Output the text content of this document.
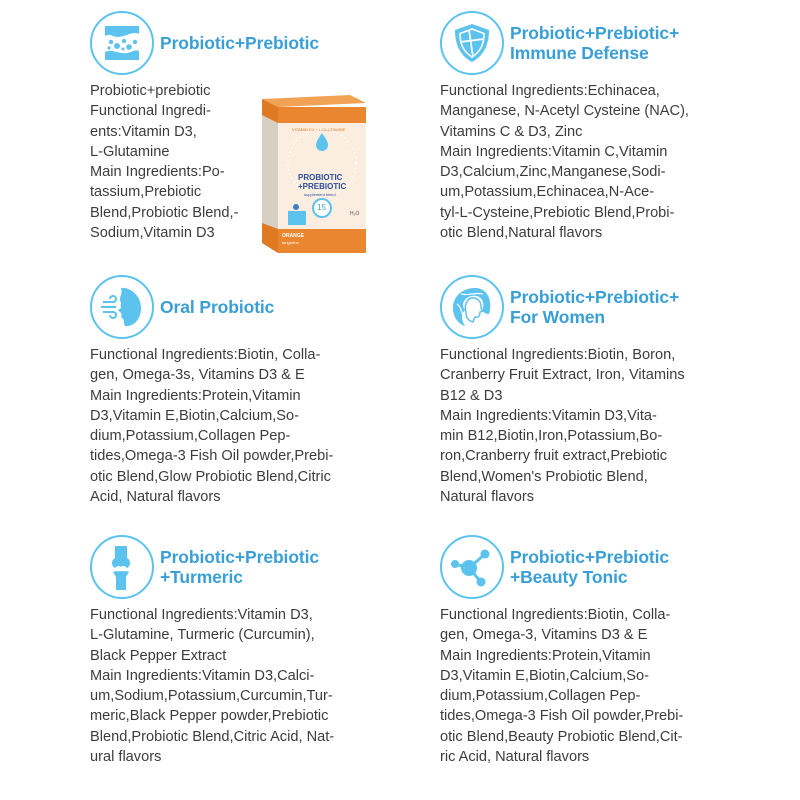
Probiotic+Prebiotic
Probiotic+prebiotic
Functional Ingredi-
ents:Vitamin D3,
L-Glutamine
Main Ingredients:Po-
tassium,Prebiotic
Blend,Probiotic Blend,-
Sodium,Vitamin D3
VITAMIN D3 + L-GLUTAMINE
PROBIOTIC
+PREBIOTIC
supplement blend
15
H₂O
ORANGE
tangerine
Probiotic+Prebiotic+
Immune Defense
Functional Ingredients:Echinacea,
Manganese, N-Acetyl Cysteine (NAC),
Vitamins C & D3, Zinc
Main Ingredients:Vitamin C,Vitamin
D3,Calcium,Zinc,Manganese,Sodi-
um,Potassium,Echinacea,N-Ace-
tyl-L-Cysteine,Prebiotic Blend,Probi-
otic Blend,Natural flavors
Oral Probiotic
Functional Ingredients:Biotin, Colla-
gen, Omega-3s, Vitamins D3 & E
Main Ingredients:Protein,Vitamin
D3,Vitamin E,Biotin,Calcium,So-
dium,Potassium,Collagen Pep-
tides,Omega-3 Fish Oil powder,Prebi-
otic Blend,Glow Probiotic Blend,Citric
Acid, Natural flavors
Probiotic+Prebiotic+
For Women
Functional Ingredients:Biotin, Boron,
Cranberry Fruit Extract, Iron, Vitamins
B12 & D3
Main Ingredients:Vitamin D3,Vita-
min B12,Biotin,Iron,Potassium,Bo-
ron,Cranberry fruit extract,Prebiotic
Blend,Women's Probiotic Blend,
Natural flavors
Probiotic+Prebiotic
+Turmeric
Functional Ingredients:Vitamin D3,
L-Glutamine, Turmeric (Curcumin),
Black Pepper Extract
Main Ingredients:Vitamin D3,Calci-
um,Sodium,Potassium,Curcumin,Tur-
meric,Black Pepper powder,Prebiotic
Blend,Probiotic Blend,Citric Acid, Nat-
ural flavors
Probiotic+Prebiotic
+Beauty Tonic
Functional Ingredients:Biotin, Colla-
gen, Omega-3, Vitamins D3 & E
Main Ingredients:Protein,Vitamin
D3,Vitamin E,Biotin,Calcium,So-
dium,Potassium,Collagen Pep-
tides,Omega-3 Fish Oil powder,Prebi-
otic Blend,Beauty Probiotic Blend,Cit-
ric Acid, Natural flavors
